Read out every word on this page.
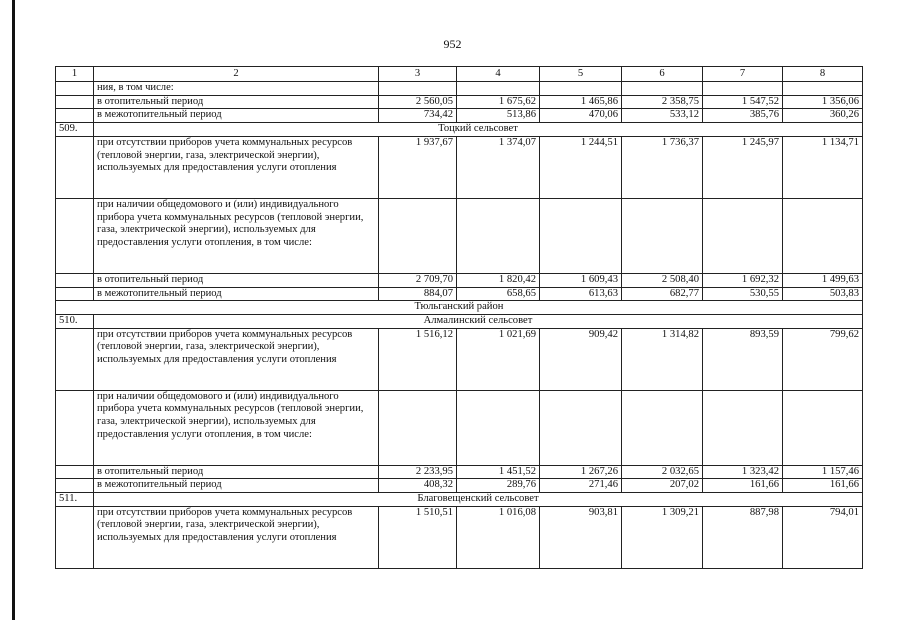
952
1	2	3	4	5	6	7	8
	ния, в том числе:						
	в отопительный период	2 560,05	1 675,62	1 465,86	2 358,75	1 547,52	1 356,06
	в межотопительный период	734,42	513,86	470,06	533,12	385,76	360,26
509.	Тоцкий сельсовет						
	при отсутствии приборов учета коммунальных ресурсов (тепловой энергии, газа, электрической энергии), используемых для предоставления услуги отопления	1 937,67	1 374,07	1 244,51	1 736,37	1 245,97	1 134,71
	при наличии общедомового и (или) индивидуального прибора учета коммунальных ресурсов (тепловой энергии, газа, электрической энергии), используемых для предоставления услуги отопления, в том числе:						
	в отопительный период	2 709,70	1 820,42	1 609,43	2 508,40	1 692,32	1 499,63
	в межотопительный период	884,07	658,65	613,63	682,77	530,55	503,83
Тюльганский район							
510.	Алмалинский сельсовет						
	при отсутствии приборов учета коммунальных ресурсов (тепловой энергии, газа, электрической энергии), используемых для предоставления услуги отопления	1 516,12	1 021,69	909,42	1 314,82	893,59	799,62
	при наличии общедомового и (или) индивидуального прибора учета коммунальных ресурсов (тепловой энергии, газа, электрической энергии), используемых для предоставления услуги отопления, в том числе:						
	в отопительный период	2 233,95	1 451,52	1 267,26	2 032,65	1 323,42	1 157,46
	в межотопительный период	408,32	289,76	271,46	207,02	161,66	161,66
511.	Благовещенский сельсовет						
	при отсутствии приборов учета коммунальных ресурсов (тепловой энергии, газа, электрической энергии), используемых для предоставления услуги отопления	1 510,51	1 016,08	903,81	1 309,21	887,98	794,01
